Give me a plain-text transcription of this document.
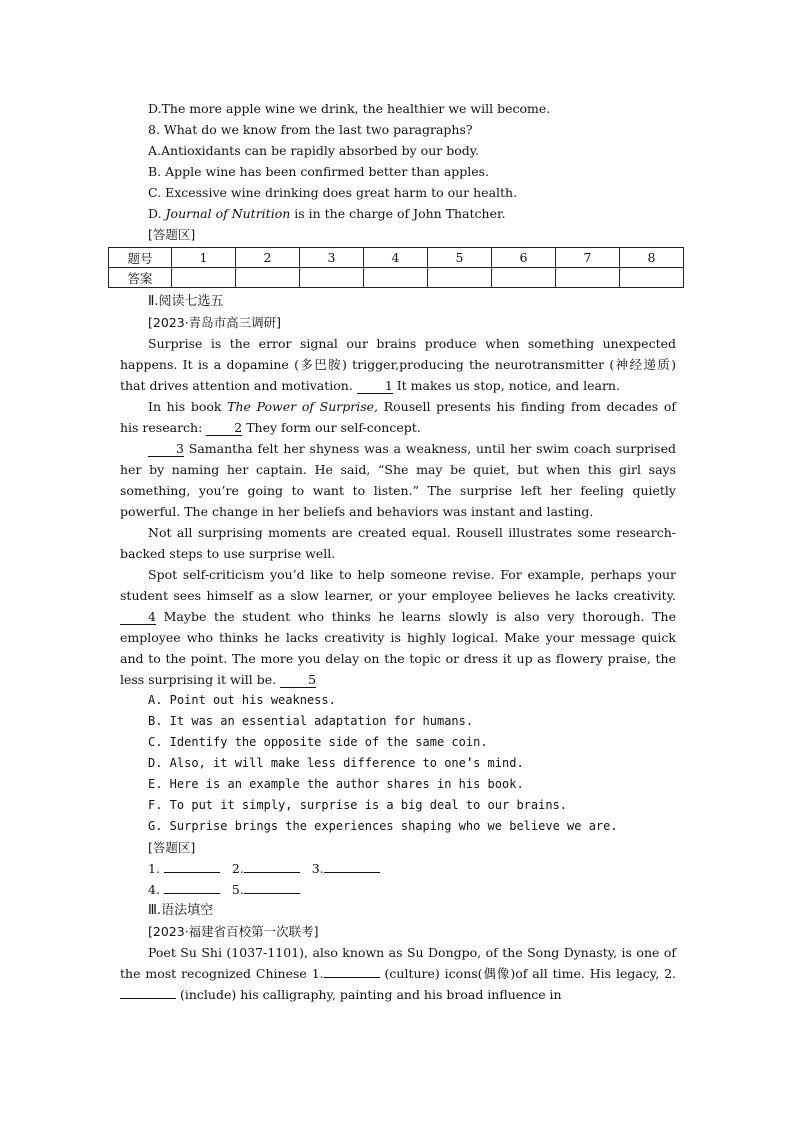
D.The more apple wine we drink, the healthier we will become.
8. What do we know from the last two paragraphs?
A.Antioxidants can be rapidly absorbed by our body.
B. Apple wine has been confirmed better than apples.
C. Excessive wine drinking does great harm to our health.
D. Journal of Nutrition is in the charge of John Thatcher.
[答题区]
题号	1	2	3	4	5	6	7	8
答案								
Ⅱ.阅读七选五
[2023·青岛市高三调研]

Surprise is the error signal our brains produce when something unexpected happens. It is a dopamine (多巴胺) trigger,producing the neurotransmitter (神经递质) that drives attention and motivation. 1 It makes us stop, notice, and learn.

In his book The Power of Surprise, Rousell presents his finding from decades of his research: 2 They form our self-concept.

3 Samantha felt her shyness was a weakness, until her swim coach surprised her by naming her captain. He said, “She may be quiet, but when this girl says something, you’re going to want to listen.” The surprise left her feeling quietly powerful. The change in her beliefs and behaviors was instant and lasting.

Not all surprising moments are created equal. Rousell illustrates some research-backed steps to use surprise well.

Spot self-criticism you’d like to help someone revise. For example, perhaps your student sees himself as a slow learner, or your employee believes he lacks creativity. 4 Maybe the student who thinks he learns slowly is also very thorough. The employee who thinks he lacks creativity is highly logical. Make your message quick and to the point. The more you delay on the topic or dress it up as flowery praise, the less surprising it will be. 5

A. Point out his weakness.
B. It was an essential adaptation for humans.
C. Identify the opposite side of the same coin.
D. Also, it will make less difference to one’s mind.
E. Here is an example the author shares in his book.
F. To put it simply, surprise is a big deal to our brains.
G. Surprise brings the experiences shaping who we believe we are.
[答题区]
1.	2.	3.
4.	5.
Ⅲ.语法填空
[2023·福建省百校第一次联考]

Poet Su Shi (1037-1101), also known as Su Dongpo, of the Song Dynasty, is one of the most recognized Chinese 1.	(culture) icons(偶像)of all time. His legacy, 2. (include) his calligraphy, painting and his broad influence in
